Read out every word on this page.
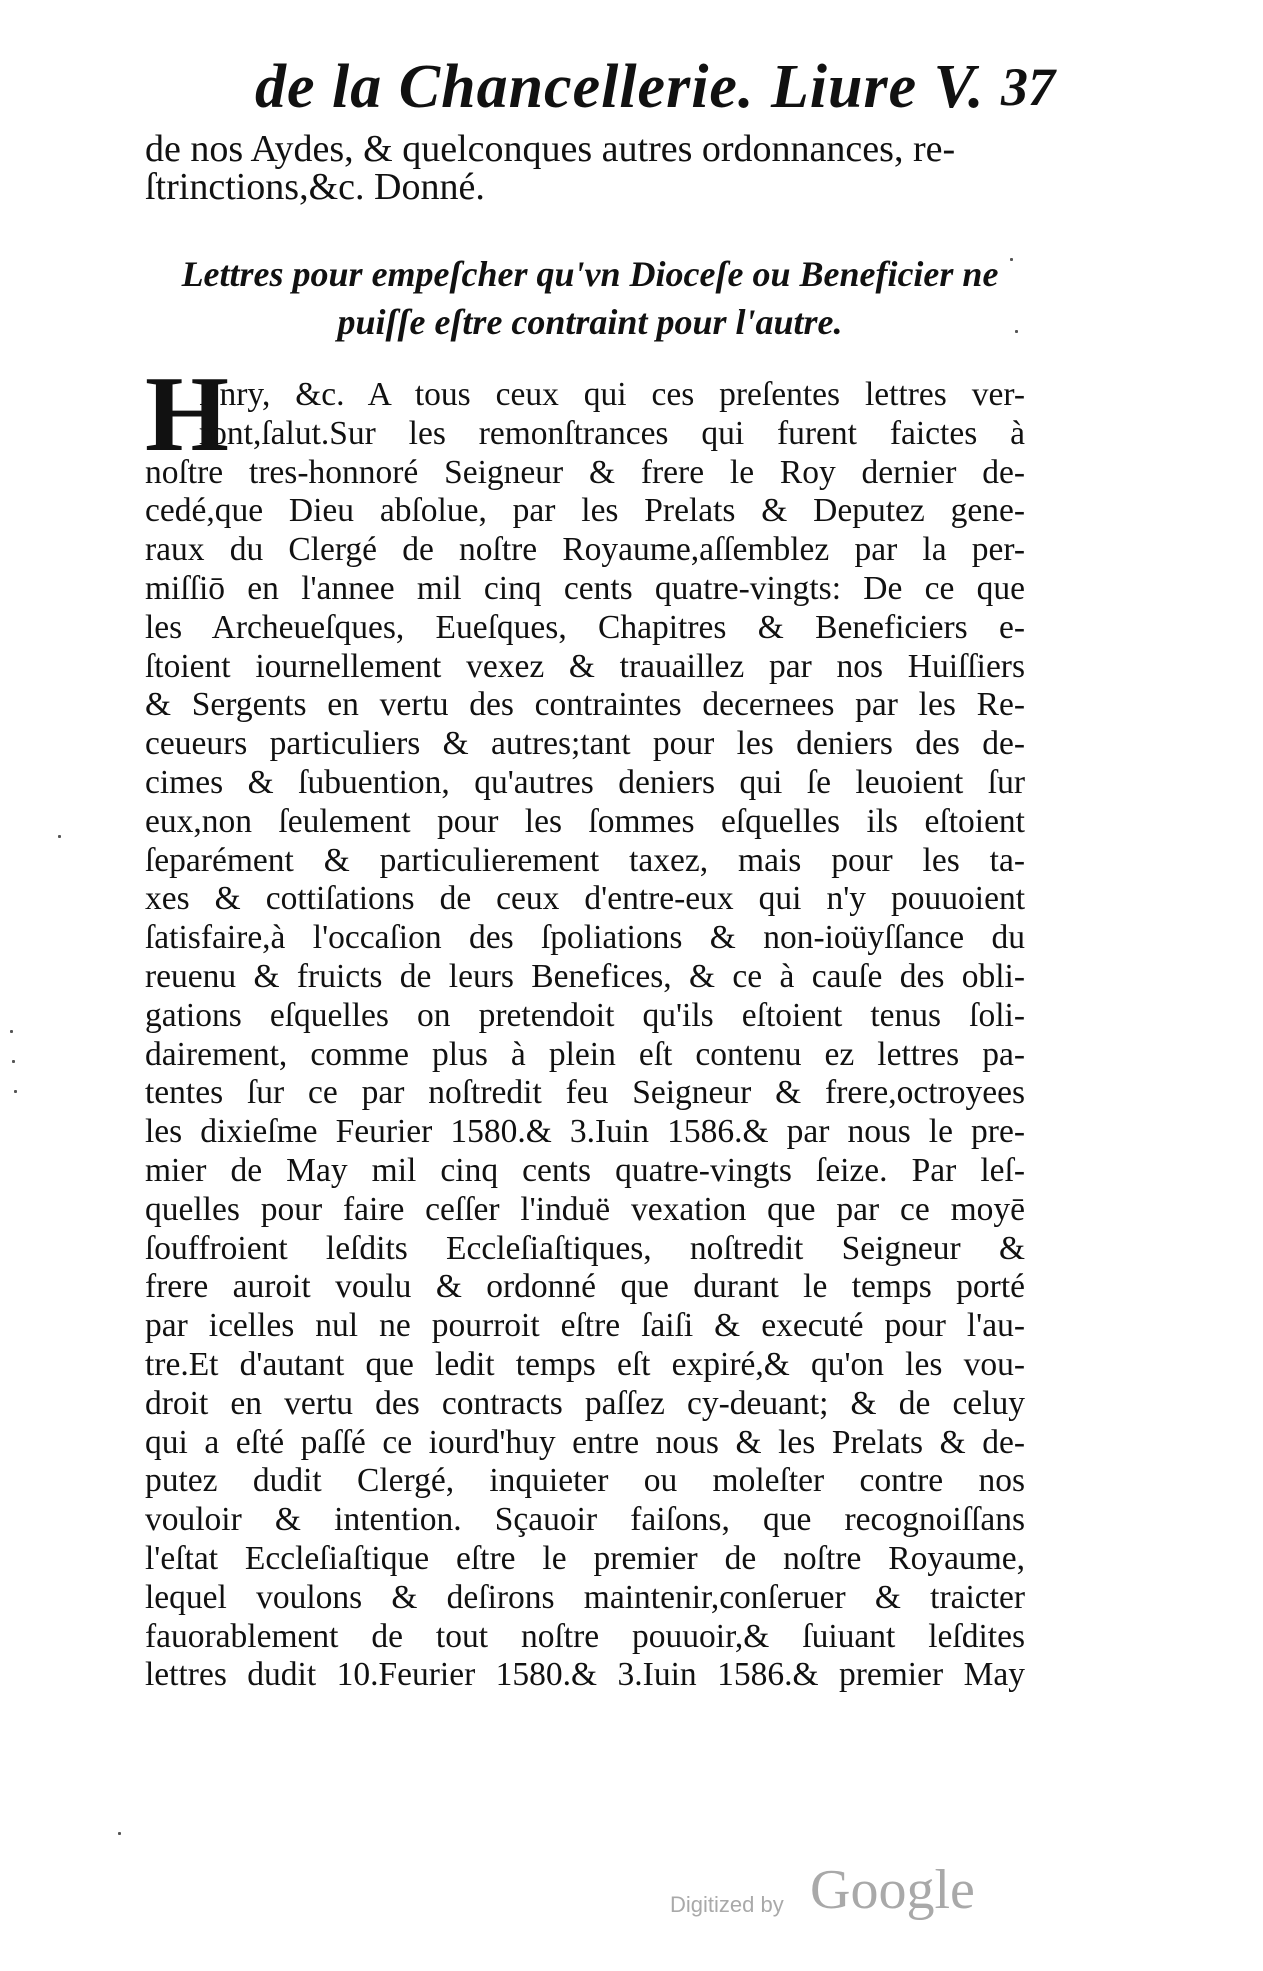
de la Chancellerie. Liure V. 37
de nos Aydes, & quelconques autres ordonnances, re-
ſtrinctions,&c. Donné.
Lettres pour empeſcher qu'vn Dioceſe ou Beneficier ne
puiſſe eſtre contraint pour l'autre.
H
Enry, &c. A tous ceux qui ces preſentes lettres ver-
ront,ſalut.Sur les remonſtrances qui furent faictes à
noſtre tres-honnoré Seigneur & frere le Roy dernier de-
cedé,que Dieu abſolue, par les Prelats & Deputez gene-
raux du Clergé de noſtre Royaume,aſſemblez par la per-
miſſiō en l'annee mil cinq cents quatre-vingts: De ce que
les Archeueſques, Eueſques, Chapitres & Beneficiers e-
ſtoient iournellement vexez & trauaillez par nos Huiſſiers
& Sergents en vertu des contraintes decernees par les Re-
ceueurs particuliers & autres;tant pour les deniers des de-
cimes & ſubuention, qu'autres deniers qui ſe leuoient ſur
eux,non ſeulement pour les ſommes eſquelles ils eſtoient
ſeparément & particulierement taxez, mais pour les ta-
xes & cottiſations de ceux d'entre-eux qui n'y pouuoient
ſatisfaire,à l'occaſion des ſpoliations & non-ioüyſſance du
reuenu & fruicts de leurs Benefices, & ce à cauſe des obli-
gations eſquelles on pretendoit qu'ils eſtoient tenus ſoli-
dairement, comme plus à plein eſt contenu ez lettres pa-
tentes ſur ce par noſtredit feu Seigneur & frere,octroyees
les dixieſme Feurier 1580.& 3.Iuin 1586.& par nous le pre-
mier de May mil cinq cents quatre-vingts ſeize. Par leſ-
quelles pour faire ceſſer l'induë vexation que par ce moyē
ſouffroient leſdits Eccleſiaſtiques, noſtredit Seigneur &
frere auroit voulu & ordonné que durant le temps porté
par icelles nul ne pourroit eſtre ſaiſi & executé pour l'au-
tre.Et d'autant que ledit temps eſt expiré,& qu'on les vou-
droit en vertu des contracts paſſez cy-deuant; & de celuy
qui a eſté paſſé ce iourd'huy entre nous & les Prelats & de-
putez dudit Clergé, inquieter ou moleſter contre nos
vouloir & intention. Sçauoir faiſons, que recognoiſſans
l'eſtat Eccleſiaſtique eſtre le premier de noſtre Royaume,
lequel voulons & deſirons maintenir,conſeruer & traicter
fauorablement de tout noſtre pouuoir,& ſuiuant leſdites
lettres dudit 10.Feurier 1580.& 3.Iuin 1586.& premier May
Digitized by Google
